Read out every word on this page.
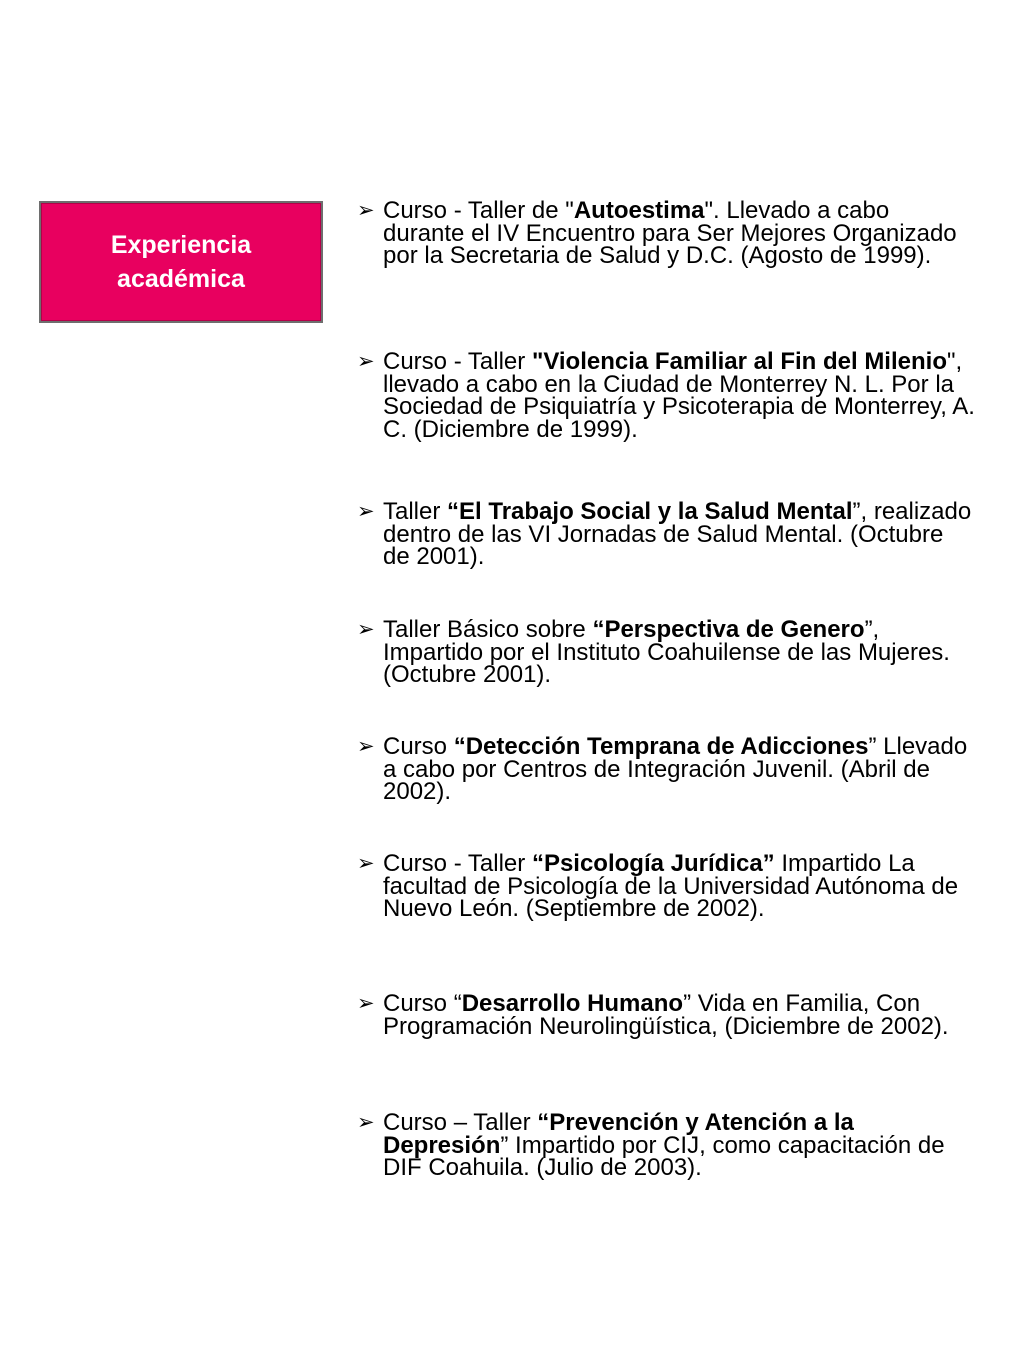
Experiencia
académica
➢ Curso - Taller de "Autoestima". Llevado a cabo durante el IV Encuentro para Ser Mejores Organizado por la Secretaria de Salud y D.C. (Agosto de 1999).
➢ Curso - Taller "Violencia Familiar al Fin del Milenio", llevado a cabo en la Ciudad de Monterrey N. L. Por la Sociedad de Psiquiatría y Psicoterapia de Monterrey, A. C. (Diciembre de 1999).
➢ Taller “El Trabajo Social y la Salud Mental”, realizado dentro de las VI Jornadas de Salud Mental. (Octubre de 2001).
➢ Taller Básico sobre “Perspectiva de Genero”, Impartido por el Instituto Coahuilense de las Mujeres. (Octubre 2001).
➢ Curso “Detección Temprana de Adicciones” Llevado a cabo por Centros de Integración Juvenil. (Abril de 2002).
➢ Curso - Taller “Psicología Jurídica” Impartido La facultad de Psicología de la Universidad Autónoma de Nuevo León. (Septiembre de 2002).
➢ Curso “Desarrollo Humano” Vida en Familia, Con Programación Neurolingüística, (Diciembre de 2002).
➢ Curso – Taller “Prevención y Atención a la Depresión” Impartido por CIJ, como capacitación de DIF Coahuila. (Julio de 2003).
